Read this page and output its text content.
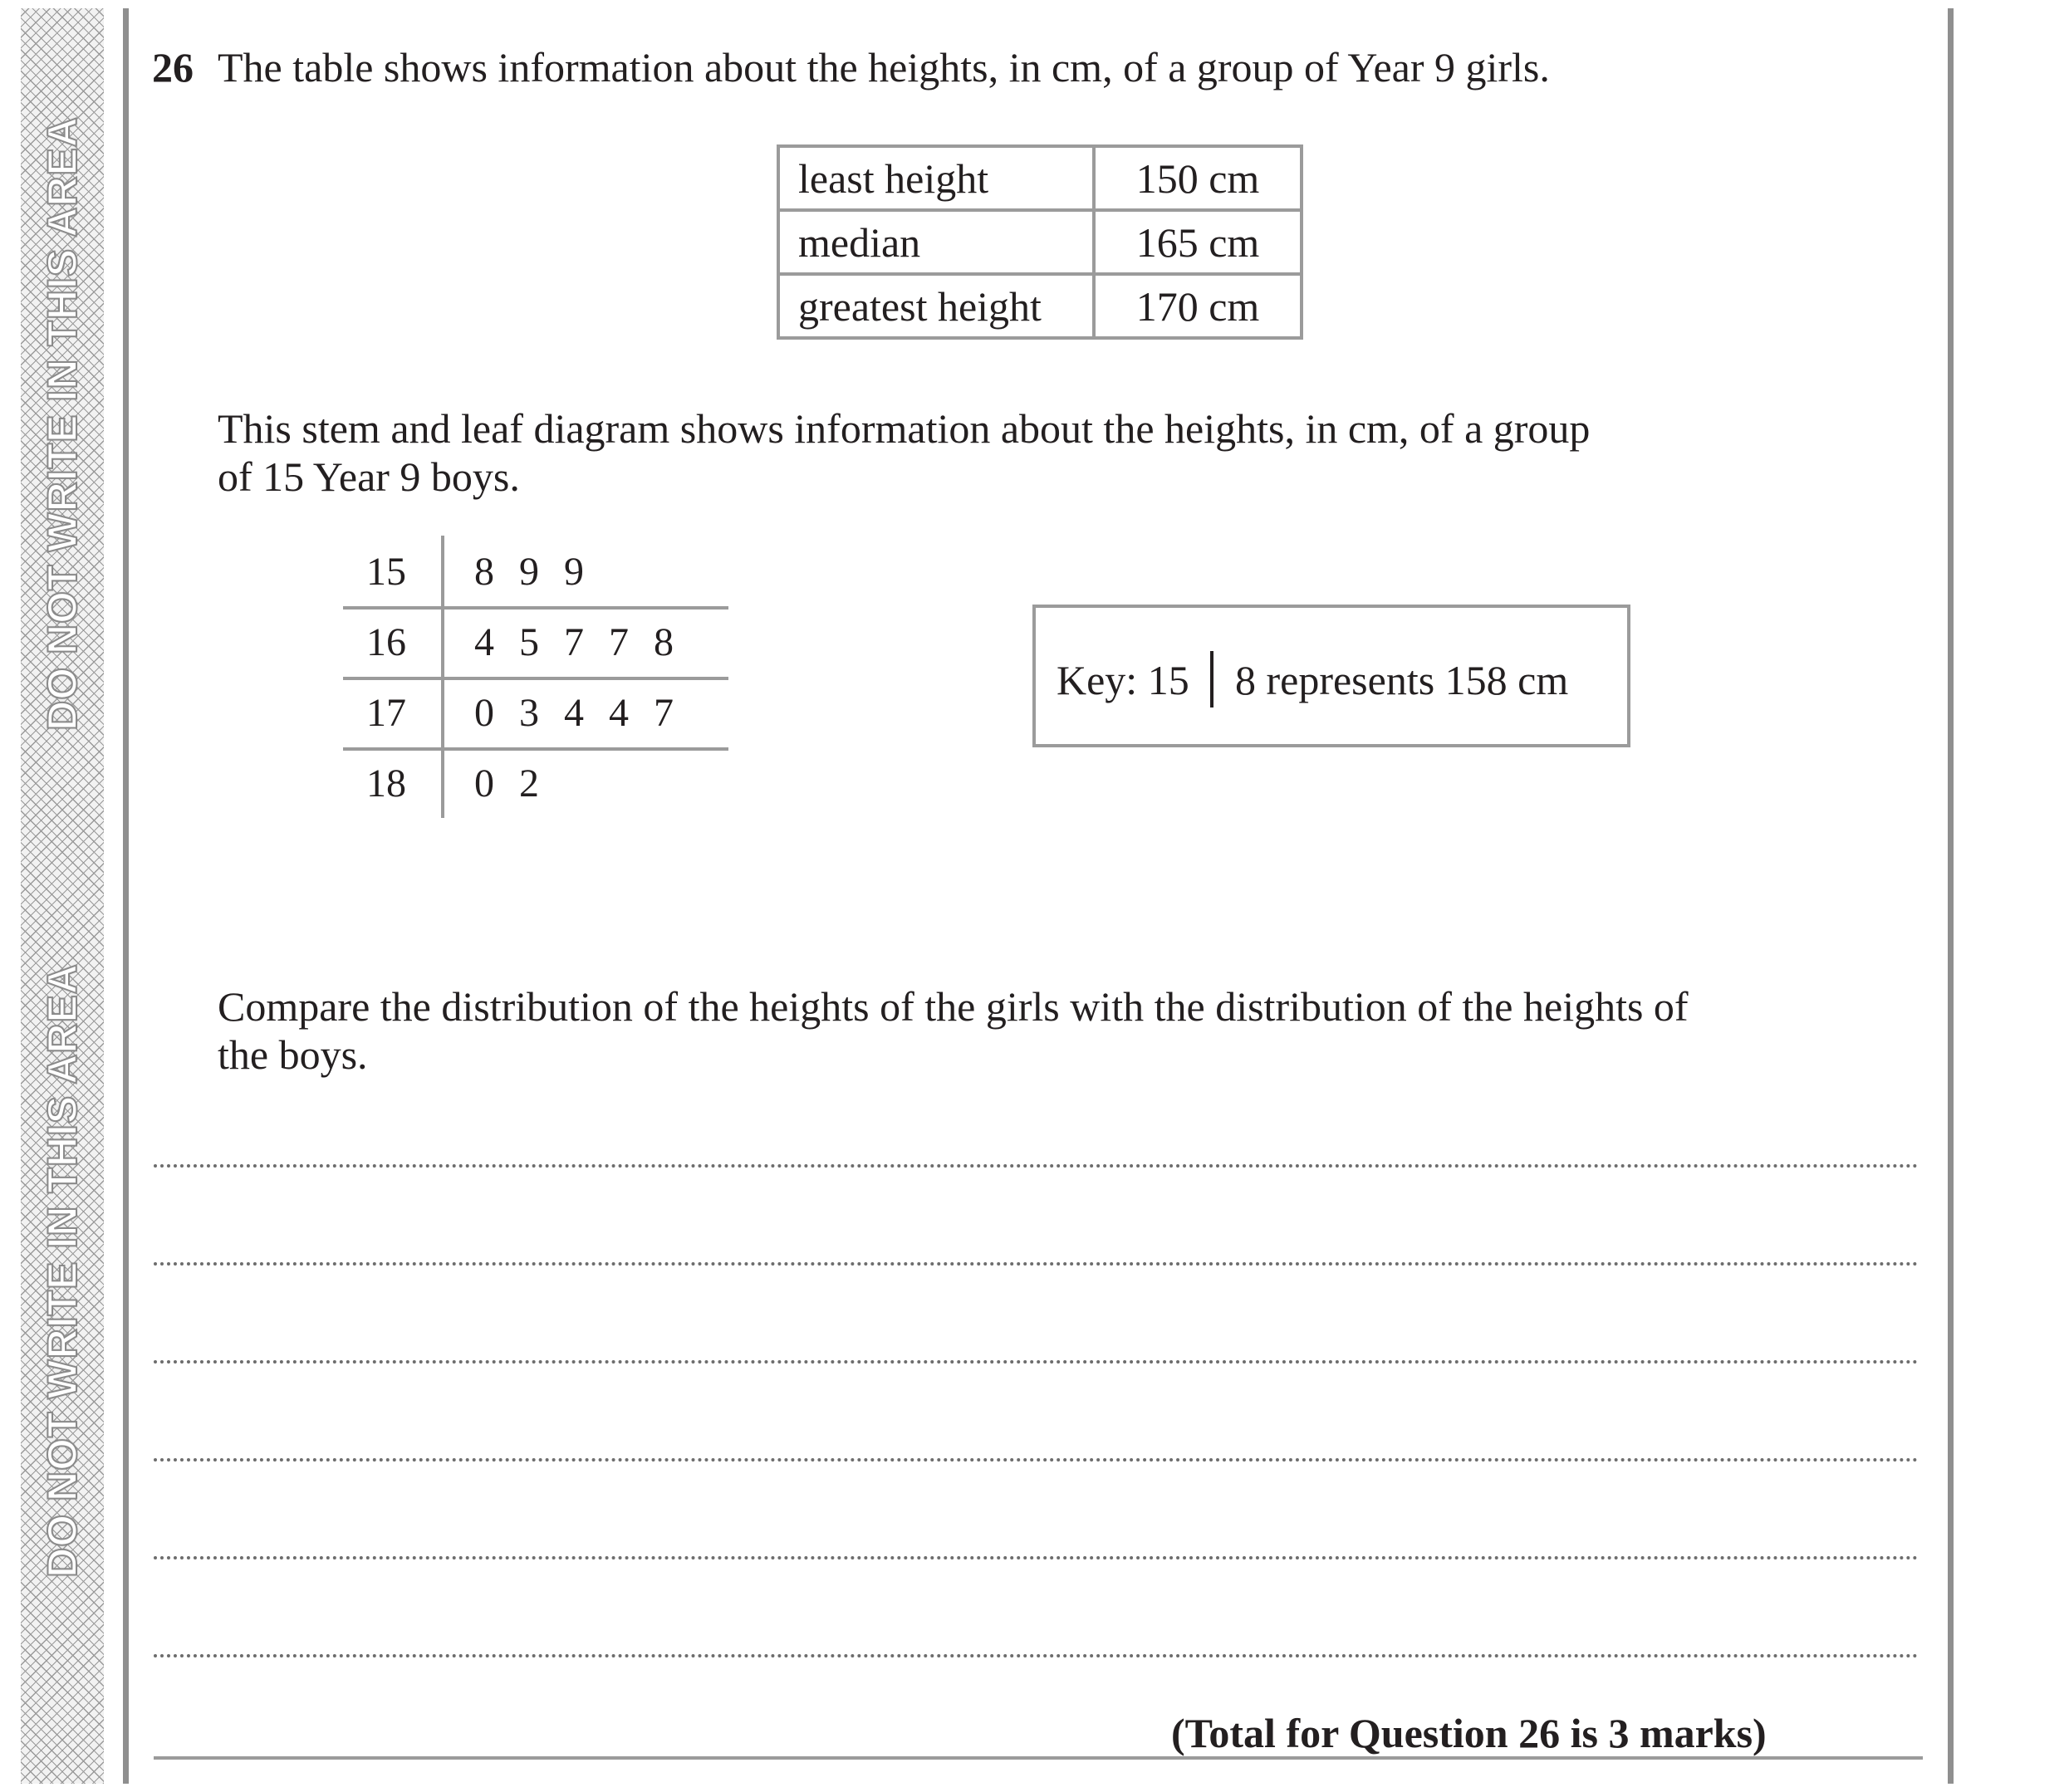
DO NOT WRITE IN THIS AREA
DO NOT WRITE IN THIS AREA
26 The table shows information about the heights, in cm, of a group of Year 9 girls.
least height	150 cm
median	165 cm
greatest height	170 cm
This stem and leaf diagram shows information about the heights, in cm, of a group
of 15 Year 9 boys.
15	8 9 9
16	4 5 7 7 8
17	0 3 4 4 7
18	0 2
Key: 15 8 represents 158 cm
Compare the distribution of the heights of the girls with the distribution of the heights of
the boys.
(Total for Question 26 is 3 marks)
